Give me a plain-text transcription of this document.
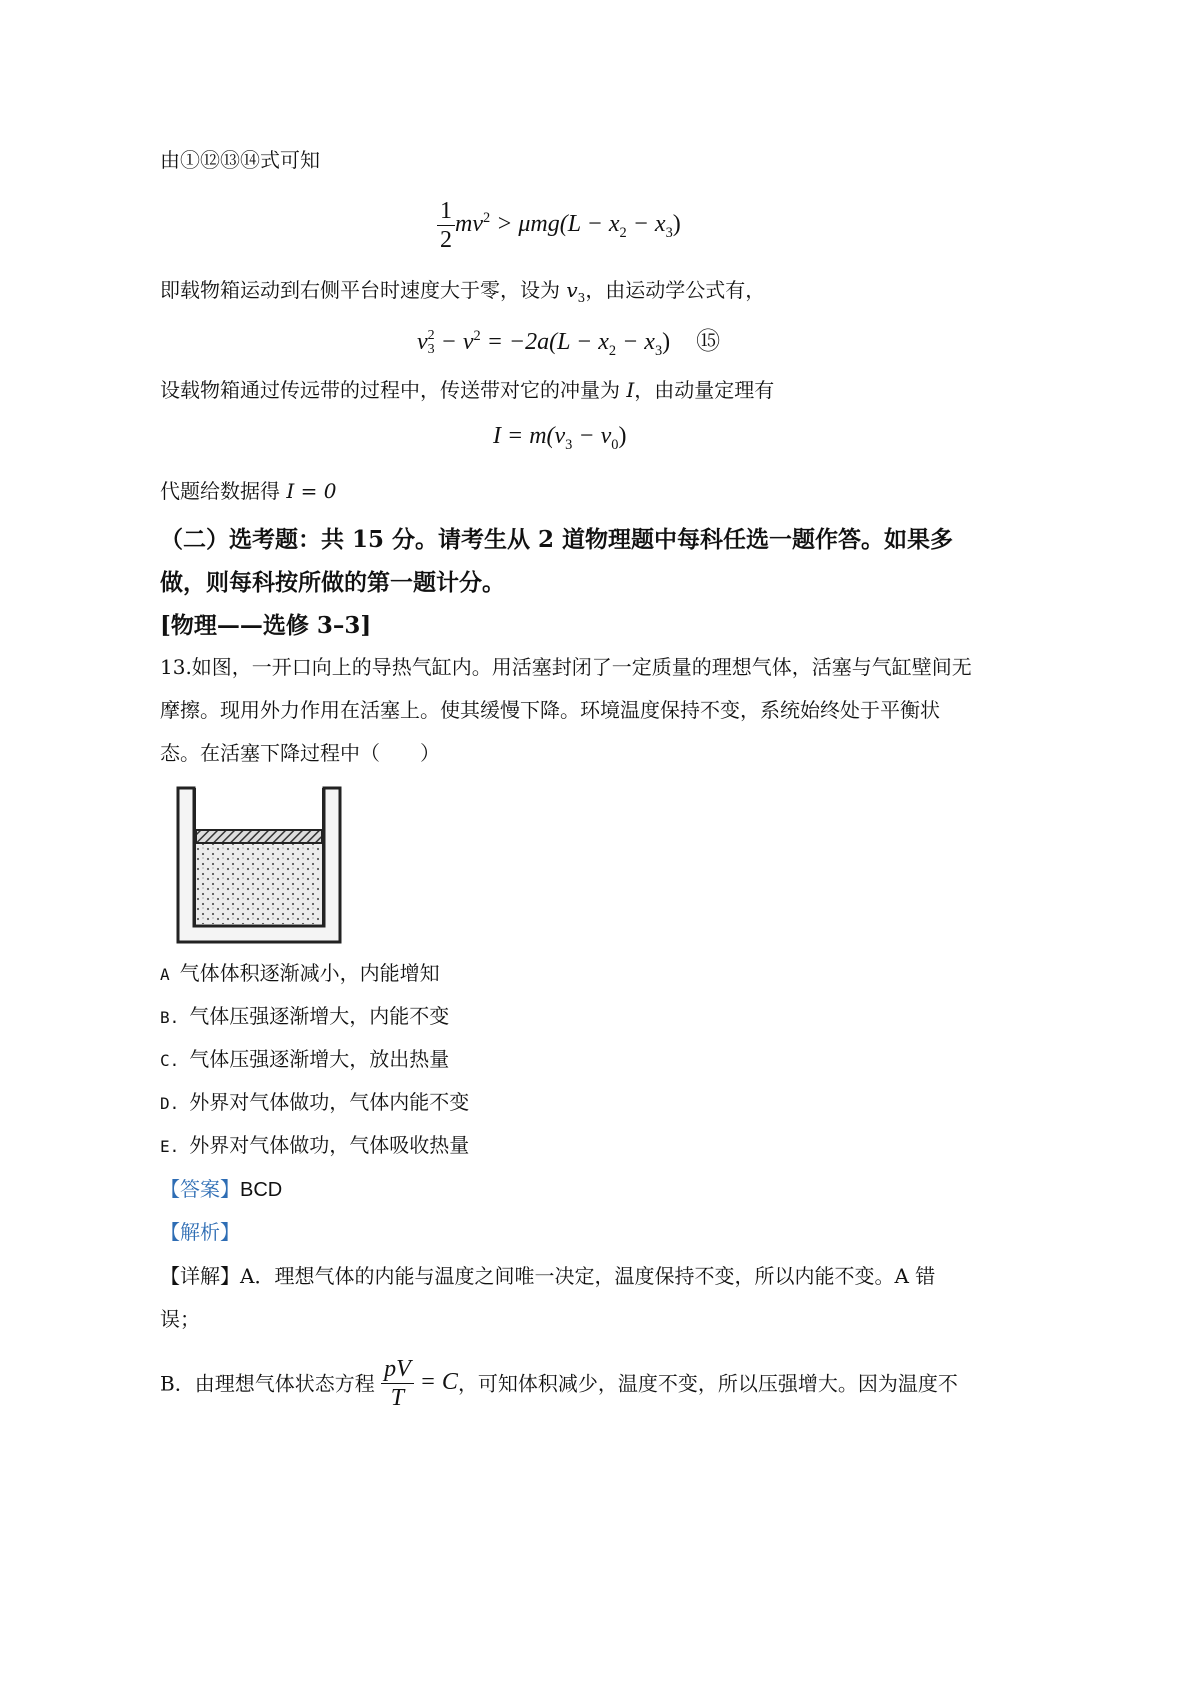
由①⑫⑬⑭式可知
$\frac{1}{2} mv^2 > \mu mg(L - x_2 - x_3)$
即载物箱运动到右侧平台时速度大于零，设为 $v_3$，由运动学公式有，
v 2
$3 - v^2 = -2a(L - x_2 - x_3)$ ⑮
设载物箱通过传远带的过程中，传送带对它的冲量为 I，由动量定理有
$I = m(v_3 - v_0)$
代题给数据得 I = 0
（二）选考题：共 15 分。请考生从 2 道物理题中每科任选一题作答。如果多
做，则每科按所做的第一题计分。
[物理——选修 3–3]
13.如图，一开口向上的导热气缸内。用活塞封闭了一定质量的理想气体，活塞与气缸壁间无
摩擦。现用外力作用在活塞上。使其缓慢下降。环境温度保持不变，系统始终处于平衡状
态。在活塞下降过程中（　　）
A 气体体积逐渐减小，内能增知
B. 气体压强逐渐增大，内能不变
C. 气体压强逐渐增大，放出热量
D. 外界对气体做功，气体内能不变
E. 外界对气体做功，气体吸收热量
【答案】BCD
【解析】
【详解】A．理想气体的内能与温度之间唯一决定，温度保持不变，所以内能不变。A 错
误；
B．由理想气体状态方程 $\frac{pV}{T} = C$，可知体积减少，温度不变，所以压强增大。因为温度不
